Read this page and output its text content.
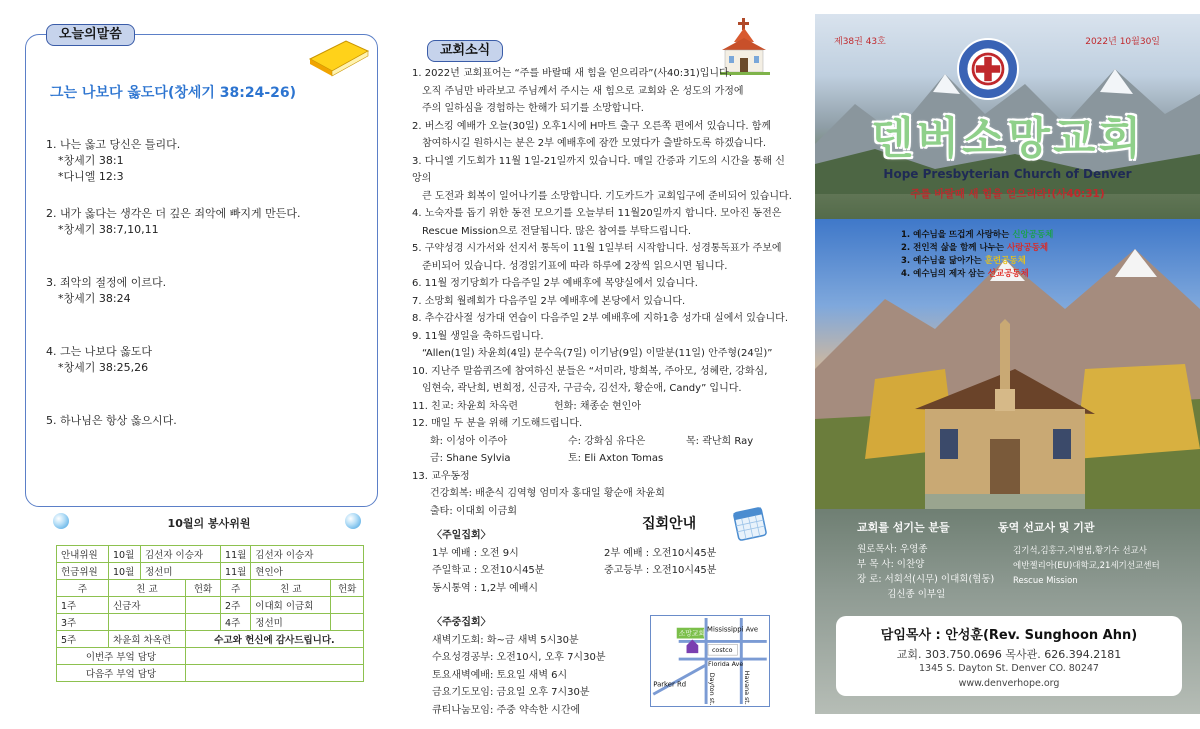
오늘의말씀
그는 나보다 옳도다(창세기 38:24-26)
1. 나는 옳고 당신은 틀리다.
*창세기 38:1
*다니엘 12:3
2. 내가 옳다는 생각은 더 깊은 죄악에 빠지게 만든다.
*창세기 38:7,10,11
3. 죄악의 절정에 이르다.
*창세기 38:24
4. 그는 나보다 옳도다
*창세기 38:25,26
5. 하나님은 항상 옳으시다.
10월의 봉사위원
안내위원	10월	김선자 이승자		11월	김선자 이승자	
헌금위원	10월	정선미		11월	현인아	
주	친 교		헌화	주	친 교	헌화
1주	신금자			2주	이대회 이금회	
3주				4주	정선미	
5주	차윤희 차옥련		수고와 헌신에 감사드립니다.			
이번주 부엌 담당						
다음주 부엌 담당						
교회소식
1. 2022년 교회표어는 “주를 바랄때 새 힘을 얻으리라”(사40:31)입니다.
오직 주님만 바라보고 주님께서 주시는 새 힘으로 교회와 온 성도의 가정에
주의 일하심을 경험하는 한해가 되기를 소망합니다.
2. 버스킹 예배가 오늘(30일) 오후1시에 H마트 출구 오른쪽 편에서 있습니다. 함께
참여하시길 원하시는 분은 2부 예배후에 잠깐 모였다가 출발하도록 하겠습니다.
3. 다니엘 기도회가 11월 1일-21일까지 있습니다. 매일 간증과 기도의 시간을 통해 신앙의
큰 도전과 회복이 일어나기를 소망합니다. 기도카드가 교회입구에 준비되어 있습니다.
4. 노숙자를 돕기 위한 동전 모으기를 오늘부터 11월20일까지 합니다. 모아진 동전은
Rescue Mission으로 전달됩니다. 많은 참여를 부탁드립니다.
5. 구약성경 시가서와 선지서 통독이 11월 1일부터 시작합니다. 성경통독표가 주보에
준비되어 있습니다. 성경읽기표에 따라 하루에 2장씩 읽으시면 됩니다.
6. 11월 정기당회가 다음주일 2부 예배후에 목양실에서 있습니다.
7. 소망회 월례회가 다음주일 2부 예배후에 본당에서 있습니다.
8. 추수감사절 성가대 연습이 다음주일 2부 예배후에 지하1층 성가대 실에서 있습니다.
9. 11월 생일을 축하드립니다.
“Allen(1일) 차윤희(4일) 문수옥(7일) 이기남(9일) 이말분(11일) 안주형(24일)”
10. 지난주 말씀퀴즈에 참여하신 분들은 “서미라, 방희복, 주아모, 성혜란, 강화심,
임현숙, 곽난희, 변희정, 신금자, 구금숙, 김선자, 황순애, Candy” 입니다.
11. 친교: 차윤희 차옥련	헌화: 채종순 현인아
12. 매일 두 분을 위해 기도해드립니다.
화: 이성아 이주아	수: 강화심 유다은	목: 곽난희 Ray
금: Shane Sylvia	토: Eli Axton Tomas
13. 교우동정
건강회복: 배춘식 김역형 엄미자 홍대일 황순애 차윤희
출타: 이대회 이금회
집회안내
〈주일집회〉
1부 예배 : 오전 9시	2부 예배 : 오전10시45분
주일학교 : 오전10시45분	중고등부 : 오전10시45분
동시통역 : 1,2부 예배시
〈주중집회〉
새벽기도회: 화~금 새벽 5시30분
수요성경공부: 오전10시, 오후 7시30분
토요새벽예배: 토요일 새벽 6시
금요기도모임: 금요일 오후 7시30분
큐티나눔모임: 주중 약속한 시간에
소망교회 Mississippi Ave
costco
Florida Ave
Parker Rd	Dayton st.	Havana st.
제38권 43호	2022년 10월30일
덴버소망교회
Hope Presbyterian Church of Denver
주를 바랄때 새 힘을 얻으리라!(사40:31)
1. 예수님을 뜨겁게 사랑하는 신앙공동체
2. 전인적 삶을 함께 나누는 사랑공동체
3. 예수님을 닮아가는 훈련공동체
4. 예수님의 제자 삼는 선교공동체
교회를 섬기는 분들	동역 선교사 및 기관
원로목사: 우영종
부 목 사: 이찬양
장 로: 서회석(시무) 이대회(협동)
김신종 이부일
김기석,김홍구,지병범,황기수 선교사
에반젤리아(EU)대학교,21세기선교센터
Rescue Mission
담임목사 : 안성훈(Rev. Sunghoon Ahn)
교회. 303.750.0696 목사관. 626.394.2181
1345 S. Dayton St. Denver CO. 80247
www.denverhope.org
